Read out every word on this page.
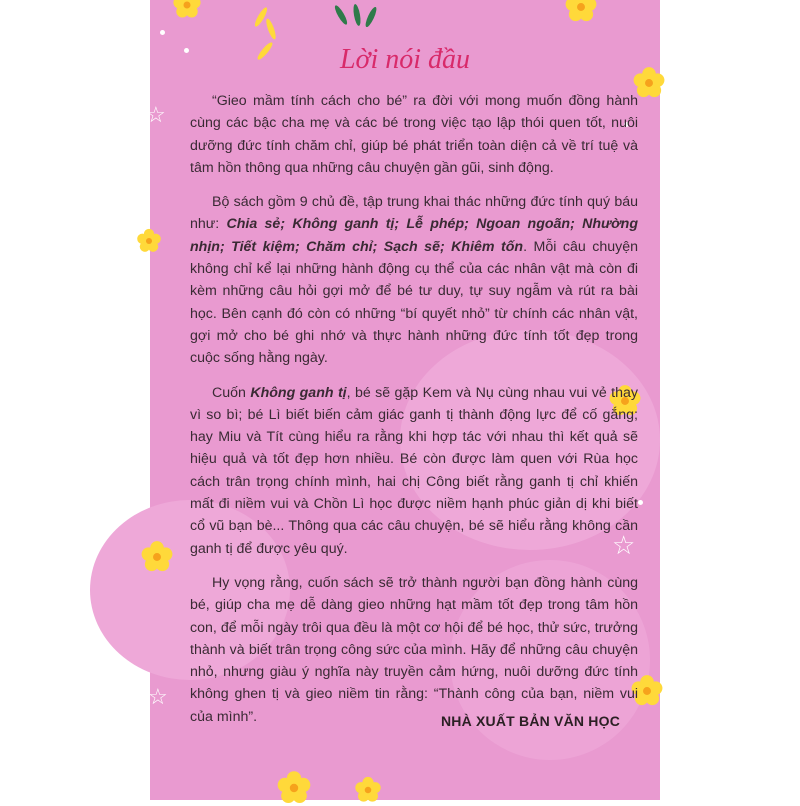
☆
☆
☆
Lời nói đầu

“Gieo mầm tính cách cho bé” ra đời với mong muốn đồng hành cùng các bậc cha mẹ và các bé trong việc tạo lập thói quen tốt, nuôi dưỡng đức tính chăm chỉ, giúp bé phát triển toàn diện cả về trí tuệ và tâm hồn thông qua những câu chuyện gần gũi, sinh động.

Bộ sách gồm 9 chủ đề, tập trung khai thác những đức tính quý báu như: Chia sẻ; Không ganh tị; Lễ phép; Ngoan ngoãn; Nhường nhịn; Tiết kiệm; Chăm chỉ; Sạch sẽ; Khiêm tốn. Mỗi câu chuyện không chỉ kể lại những hành động cụ thể của các nhân vật mà còn đi kèm những câu hỏi gợi mở để bé tư duy, tự suy ngẫm và rút ra bài học. Bên cạnh đó còn có những “bí quyết nhỏ” từ chính các nhân vật, gợi mở cho bé ghi nhớ và thực hành những đức tính tốt đẹp trong cuộc sống hằng ngày.

Cuốn Không ganh tị, bé sẽ gặp Kem và Nụ cùng nhau vui vẻ thay vì so bì; bé Lì biết biến cảm giác ganh tị thành động lực để cố gắng; hay Miu và Tít cùng hiểu ra rằng khi hợp tác với nhau thì kết quả sẽ hiệu quả và tốt đẹp hơn nhiều. Bé còn được làm quen với Rùa học cách trân trọng chính mình, hai chị Công biết rằng ganh tị chỉ khiến mất đi niềm vui và Chồn Lì học được niềm hạnh phúc giản dị khi biết cổ vũ bạn bè... Thông qua các câu chuyện, bé sẽ hiểu rằng không cần ganh tị để được yêu quý.

Hy vọng rằng, cuốn sách sẽ trở thành người bạn đồng hành cùng bé, giúp cha mẹ dễ dàng gieo những hạt mầm tốt đẹp trong tâm hồn con, để mỗi ngày trôi qua đều là một cơ hội để bé học, thử sức, trưởng thành và biết trân trọng công sức của mình. Hãy để những câu chuyện nhỏ, nhưng giàu ý nghĩa này truyền cảm hứng, nuôi dưỡng đức tính không ghen tị và gieo niềm tin rằng: “Thành công của bạn, niềm vui của mình”.	NHÀ XUẤT BẢN VĂN HỌC
